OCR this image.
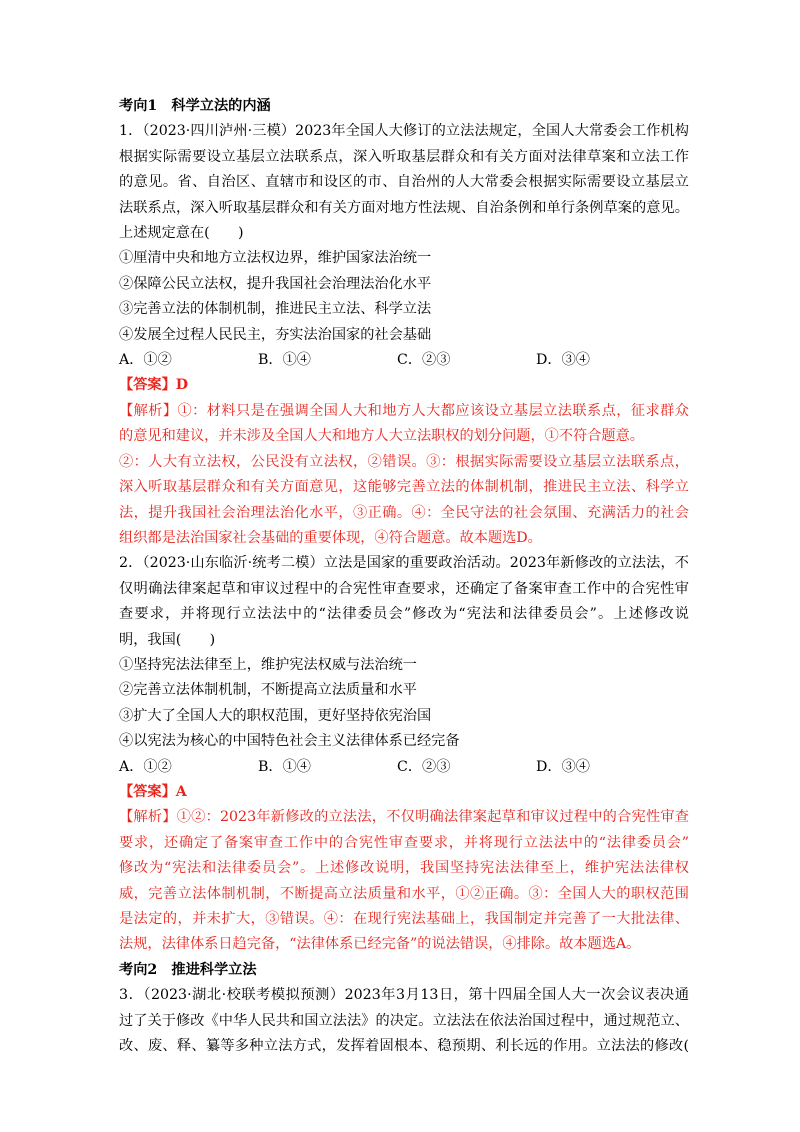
考向1　科学立法的内涵
1．（2023·四川泸州·三模）2023年全国人大修订的立法法规定，全国人大常委会工作机构
根据实际需要设立基层立法联系点，深入听取基层群众和有关方面对法律草案和立法工作
的意见。省、自治区、直辖市和设区的市、自治州的人大常委会根据实际需要设立基层立
法联系点，深入听取基层群众和有关方面对地方性法规、自治条例和单行条例草案的意见。
上述规定意在(　　)
①厘清中央和地方立法权边界，维护国家法治统一
②保障公民立法权，提升我国社会治理法治化水平
③完善立法的体制机制，推进民主立法、科学立法
④发展全过程人民民主，夯实法治国家的社会基础
A．①②	B．①④	C．②③	D．③④
【答案】D
【解析】①：材料只是在强调全国人大和地方人大都应该设立基层立法联系点，征求群众
的意见和建议，并未涉及全国人大和地方人大立法职权的划分问题，①不符合题意。
②：人大有立法权，公民没有立法权，②错误。③：根据实际需要设立基层立法联系点，
深入听取基层群众和有关方面意见，这能够完善立法的体制机制，推进民主立法、科学立
法，提升我国社会治理法治化水平，③正确。④：全民守法的社会氛围、充满活力的社会
组织都是法治国家社会基础的重要体现，④符合题意。故本题选D。
2．（2023·山东临沂·统考二模）立法是国家的重要政治活动。2023年新修改的立法法，不
仅明确法律案起草和审议过程中的合宪性审查要求，还确定了备案审查工作中的合宪性审
查要求，并将现行立法法中的“法律委员会”修改为“宪法和法律委员会”。上述修改说
明，我国(　　)
①坚持宪法法律至上，维护宪法权威与法治统一
②完善立法体制机制，不断提高立法质量和水平
③扩大了全国人大的职权范围，更好坚持依宪治国
④以宪法为核心的中国特色社会主义法律体系已经完备
A．①②	B．①④	C．②③	D．③④
【答案】A
【解析】①②：2023年新修改的立法法，不仅明确法律案起草和审议过程中的合宪性审查
要求，还确定了备案审查工作中的合宪性审查要求，并将现行立法法中的“法律委员会”
修改为“宪法和法律委员会”。上述修改说明，我国坚持宪法法律至上，维护宪法法律权
威，完善立法体制机制，不断提高立法质量和水平，①②正确。③：全国人大的职权范围
是法定的，并未扩大，③错误。④：在现行宪法基础上，我国制定并完善了一大批法律、
法规，法律体系日趋完备，“法律体系已经完备”的说法错误，④排除。故本题选A。
考向2　推进科学立法
3．（2023·湖北·校联考模拟预测）2023年3月13日，第十四届全国人大一次会议表决通
过了关于修改《中华人民共和国立法法》的决定。立法法在依法治国过程中，通过规范立、
改、废、释、纂等多种立法方式，发挥着固根本、稳预期、利长远的作用。立法法的修改(
